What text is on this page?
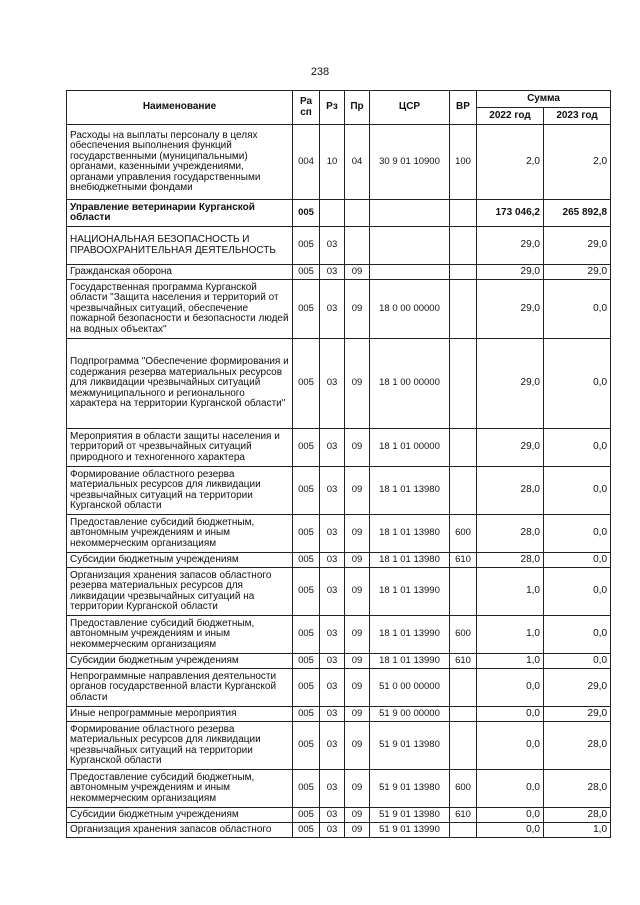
238
Наименование	Ра сп	Рз	Пр	ЦСР	ВР	Сумма	
						2022 год	2023 год
Расходы на выплаты персоналу в целях обеспечения выполнения функций государственными (муниципальными) органами, казенными учреждениями, органами управления государственными внебюджетными фондами	004	10	04	30 9 01 10900	100	2,0	2,0
Управление ветеринарии Курганской области	005					173 046,2	265 892,8
НАЦИОНАЛЬНАЯ БЕЗОПАСНОСТЬ И ПРАВООХРАНИТЕЛЬНАЯ ДЕЯТЕЛЬНОСТЬ	005	03				29,0	29,0
Гражданская оборона	005	03	09			29,0	29,0
Государственная программа Курганской области "Защита населения и территорий от чрезвычайных ситуаций, обеспечение пожарной безопасности и безопасности людей на водных объектах"	005	03	09	18 0 00 00000		29,0	0,0
Подпрограмма "Обеспечение формирования и содержания резерва материальных ресурсов для ликвидации чрезвычайных ситуаций межмуниципального и регионального характера на территории Курганской области"	005	03	09	18 1 00 00000		29,0	0,0
Мероприятия в области защиты населения и территорий от чрезвычайных ситуаций природного и техногенного характера	005	03	09	18 1 01 00000		29,0	0,0
Формирование областного резерва материальных ресурсов для ликвидации чрезвычайных ситуаций на территории Курганской области	005	03	09	18 1 01 13980		28,0	0,0
Предоставление субсидий бюджетным, автономным учреждениям и иным некоммерческим организациям	005	03	09	18 1 01 13980	600	28,0	0,0
Субсидии бюджетным учреждениям	005	03	09	18 1 01 13980	610	28,0	0,0
Организация хранения запасов областного резерва материальных ресурсов для ликвидации чрезвычайных ситуаций на территории Курганской области	005	03	09	18 1 01 13990		1,0	0,0
Предоставление субсидий бюджетным, автономным учреждениям и иным некоммерческим организациям	005	03	09	18 1 01 13990	600	1,0	0,0
Субсидии бюджетным учреждениям	005	03	09	18 1 01 13990	610	1,0	0,0
Непрограммные направления деятельности органов государственной власти Курганской области	005	03	09	51 0 00 00000		0,0	29,0
Иные непрограммные мероприятия	005	03	09	51 9 00 00000		0,0	29,0
Формирование областного резерва материальных ресурсов для ликвидации чрезвычайных ситуаций на территории Курганской области	005	03	09	51 9 01 13980		0,0	28,0
Предоставление субсидий бюджетным, автономным учреждениям и иным некоммерческим организациям	005	03	09	51 9 01 13980	600	0,0	28,0
Субсидии бюджетным учреждениям	005	03	09	51 9 01 13980	610	0,0	28,0
Организация хранения запасов областного	005	03	09	51 9 01 13990		0,0	1,0
